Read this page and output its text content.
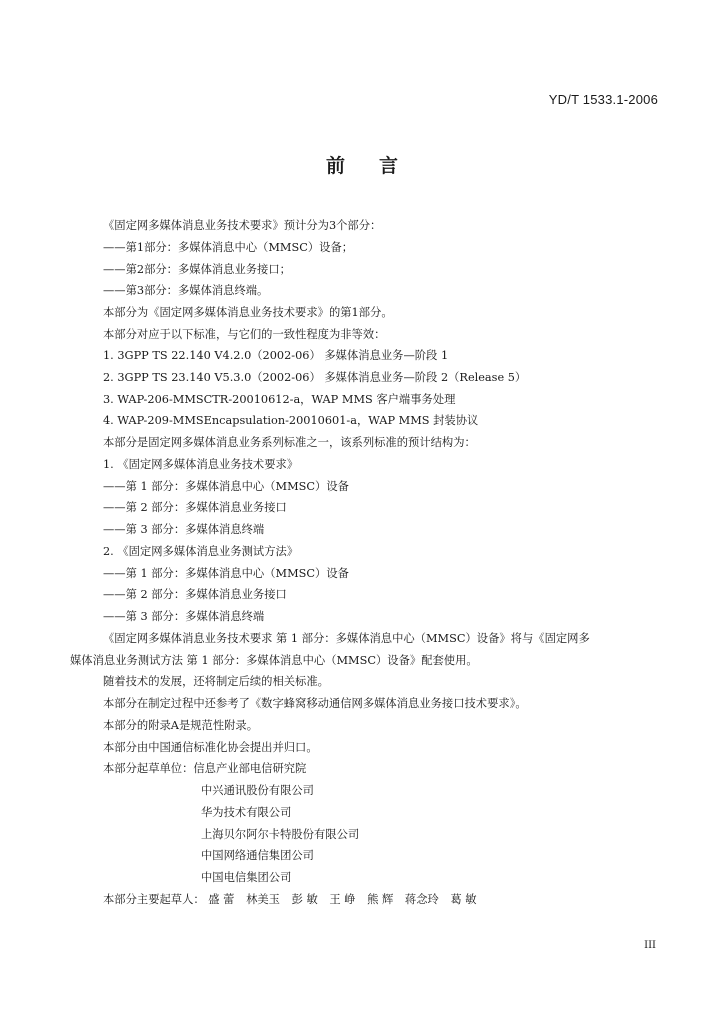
YD/T 1533.1-2006
前言
《固定网多媒体消息业务技术要求》预计分为3个部分：
——第1部分：多媒体消息中心（MMSC）设备；
——第2部分：多媒体消息业务接口；
——第3部分：多媒体消息终端。
本部分为《固定网多媒体消息业务技术要求》的第1部分。
本部分对应于以下标准，与它们的一致性程度为非等效：
1. 3GPP TS 22.140 V4.2.0（2002-06） 多媒体消息业务—阶段 1
2. 3GPP TS 23.140 V5.3.0（2002-06） 多媒体消息业务—阶段 2（Release 5）
3. WAP-206-MMSCTR-20010612-a，WAP MMS 客户端事务处理
4. WAP-209-MMSEncapsulation-20010601-a，WAP MMS 封装协议
本部分是固定网多媒体消息业务系列标准之一，该系列标准的预计结构为：
1. 《固定网多媒体消息业务技术要求》
——第 1 部分：多媒体消息中心（MMSC）设备
——第 2 部分：多媒体消息业务接口
——第 3 部分：多媒体消息终端
2. 《固定网多媒体消息业务测试方法》
——第 1 部分：多媒体消息中心（MMSC）设备
——第 2 部分：多媒体消息业务接口
——第 3 部分：多媒体消息终端
《固定网多媒体消息业务技术要求 第 1 部分：多媒体消息中心（MMSC）设备》将与《固定网多
媒体消息业务测试方法 第 1 部分：多媒体消息中心（MMSC）设备》配套使用。
随着技术的发展，还将制定后续的相关标准。
本部分在制定过程中还参考了《数字蜂窝移动通信网多媒体消息业务接口技术要求》。
本部分的附录A是规范性附录。
本部分由中国通信标准化协会提出并归口。
本部分起草单位：信息产业部电信研究院
中兴通讯股份有限公司
华为技术有限公司
上海贝尔阿尔卡特股份有限公司
中国网络通信集团公司
中国电信集团公司
本部分主要起草人： 盛 蕾 林美玉 彭 敏 王 峥 熊 辉 蒋念玲 葛 敏
III
